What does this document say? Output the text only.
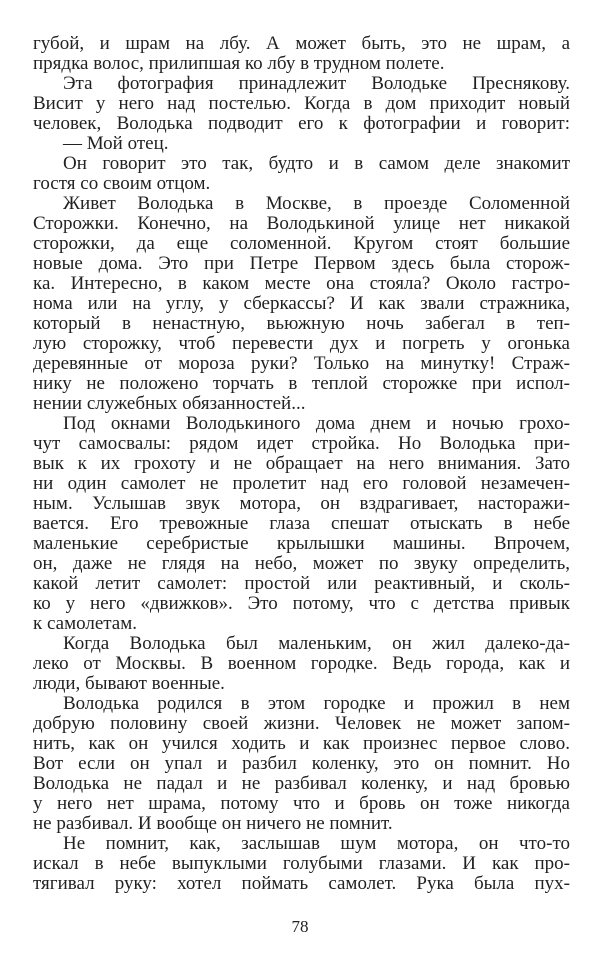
губой, и шрам на лбу. А может быть, это не шрам, а
прядка волос, прилипшая ко лбу в трудном полете.
Эта фотография принадлежит Володьке Преснякову.
Висит у него над постелью. Когда в дом приходит новый
человек, Володька подводит его к фотографии и говорит:
— Мой отец.
Он говорит это так, будто и в самом деле знакомит
гостя со своим отцом.
Живет Володька в Москве, в проезде Соломенной
Сторожки. Конечно, на Володькиной улице нет никакой
сторожки, да еще соломенной. Кругом стоят большие
новые дома. Это при Петре Первом здесь была сторож-
ка. Интересно, в каком месте она стояла? Около гастро-
нома или на углу, у сберкассы? И как звали стражника,
который в ненастную, вьюжную ночь забегал в теп-
лую сторожку, чтоб перевести дух и погреть у огонька
деревянные от мороза руки? Только на минутку! Страж-
нику не положено торчать в теплой сторожке при испол-
нении служебных обязанностей...
Под окнами Володькиного дома днем и ночью грохо-
чут самосвалы: рядом идет стройка. Но Володька при-
вык к их грохоту и не обращает на него внимания. Зато
ни один самолет не пролетит над его головой незамечен-
ным. Услышав звук мотора, он вздрагивает, насторажи-
вается. Его тревожные глаза спешат отыскать в небе
маленькие серебристые крылышки машины. Впрочем,
он, даже не глядя на небо, может по звуку определить,
какой летит самолет: простой или реактивный, и сколь-
ко у него «движков». Это потому, что с детства привык
к самолетам.
Когда Володька был маленьким, он жил далеко-да-
леко от Москвы. В военном городке. Ведь города, как и
люди, бывают военные.
Володька родился в этом городке и прожил в нем
добрую половину своей жизни. Человек не может запом-
нить, как он учился ходить и как произнес первое слово.
Вот если он упал и разбил коленку, это он помнит. Но
Володька не падал и не разбивал коленку, и над бровью
у него нет шрама, потому что и бровь он тоже никогда
не разбивал. И вообще он ничего не помнит.
Не помнит, как, заслышав шум мотора, он что-то
искал в небе выпуклыми голубыми глазами. И как про-
тягивал руку: хотел поймать самолет. Рука была пух-
78
